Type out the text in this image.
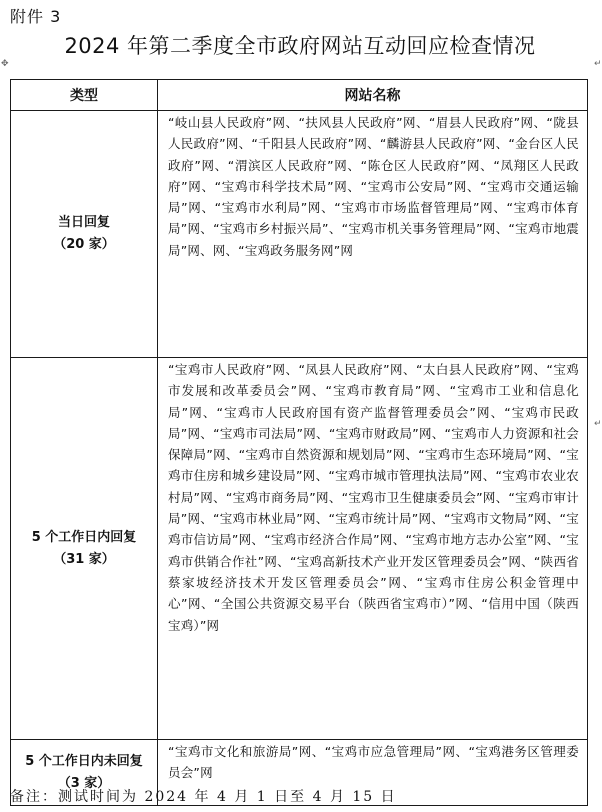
附件 3
2024 年第二季度全市政府网站互动回应检查情况
✥	↵
↵
类型	网站名称

当日回复
（20 家）	“岐山县人民政府”网、“扶风县人民政府”网、“眉县人民政府”网、“陇县人民政府”网、“千阳县人民政府”网、“麟游县人民政府”网、“金台区人民政府”网、“渭滨区人民政府”网、“陈仓区人民政府”网、“凤翔区人民政府”网、“宝鸡市科学技术局”网、“宝鸡市公安局”网、“宝鸡市交通运输局”网、“宝鸡市水利局”网、“宝鸡市市场监督管理局”网、“宝鸡市体育局”网、“宝鸡市乡村振兴局”、“宝鸡市机关事务管理局”网、“宝鸡市地震局”网、网、“宝鸡政务服务网”网

5 个工作日内回复
（31 家）	“宝鸡市人民政府”网、“凤县人民政府”网、“太白县人民政府”网、“宝鸡市发展和改革委员会”网、“宝鸡市教育局”网、“宝鸡市工业和信息化局”网、“宝鸡市人民政府国有资产监督管理委员会”网、“宝鸡市民政局”网、“宝鸡市司法局”网、“宝鸡市财政局”网、“宝鸡市人力资源和社会保障局”网、“宝鸡市自然资源和规划局”网、“宝鸡市生态环境局”网、“宝鸡市住房和城乡建设局”网、“宝鸡市城市管理执法局”网、“宝鸡市农业农村局”网、“宝鸡市商务局”网、“宝鸡市卫生健康委员会”网、“宝鸡市审计局”网、“宝鸡市林业局”网、“宝鸡市统计局”网、“宝鸡市文物局”网、“宝鸡市信访局”网、“宝鸡市经济合作局”网、“宝鸡市地方志办公室”网、“宝鸡市供销合作社”网、“宝鸡高新技术产业开发区管理委员会”网、“陕西省蔡家坡经济技术开发区管理委员会”网、“宝鸡市住房公积金管理中心”网、“全国公共资源交易平台（陕西省宝鸡市）”网、“信用中国（陕西宝鸡）”网

5 个工作日内未回复
（3 家）	“宝鸡市文化和旅游局”网、“宝鸡市应急管理局”网、“宝鸡港务区管理委员会”网
备注：测试时间为 2024 年 4 月 1 日至 4 月 15 日
